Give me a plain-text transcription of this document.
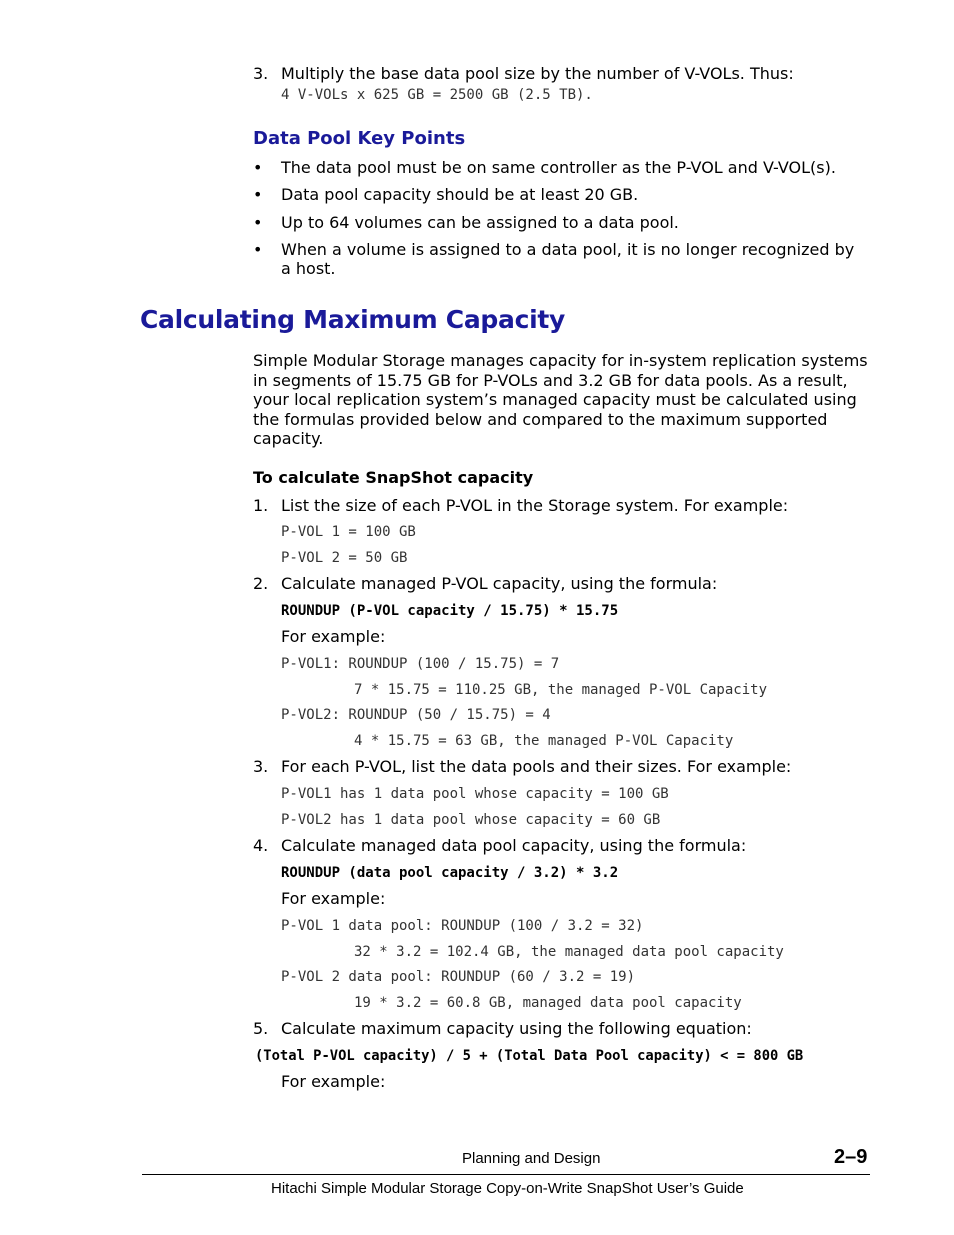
3. Multiply the base data pool size by the number of V-VOLs. Thus:
4 V-VOLs x 625 GB = 2500 GB (2.5 TB).
Data Pool Key Points
• The data pool must be on same controller as the P-VOL and V-VOL(s).
• Data pool capacity should be at least 20 GB.
• Up to 64 volumes can be assigned to a data pool.
• When a volume is assigned to a data pool, it is no longer recognized by
a host.
Calculating Maximum Capacity
Simple Modular Storage manages capacity for in-system replication systems in segments of 15.75 GB for P-VOLs and 3.2 GB for data pools. As a result, your local replication system’s managed capacity must be calculated using the formulas provided below and compared to the maximum supported capacity.
To calculate SnapShot capacity
1. List the size of each P-VOL in the Storage system. For example:
P-VOL 1 = 100 GB
P-VOL 2 = 50 GB
2. Calculate managed P-VOL capacity, using the formula:
ROUNDUP (P-VOL capacity / 15.75) * 15.75
For example:
P-VOL1: ROUNDUP (100 / 15.75) = 7
7 * 15.75 = 110.25 GB, the managed P-VOL Capacity
P-VOL2: ROUNDUP (50 / 15.75) = 4
4 * 15.75 = 63 GB, the managed P-VOL Capacity
3. For each P-VOL, list the data pools and their sizes. For example:
P-VOL1 has 1 data pool whose capacity = 100 GB
P-VOL2 has 1 data pool whose capacity = 60 GB
4. Calculate managed data pool capacity, using the formula:
ROUNDUP (data pool capacity / 3.2) * 3.2
For example:
P-VOL 1 data pool: ROUNDUP (100 / 3.2 = 32)
32 * 3.2 = 102.4 GB, the managed data pool capacity
P-VOL 2 data pool: ROUNDUP (60 / 3.2 = 19)
19 * 3.2 = 60.8 GB, managed data pool capacity
5. Calculate maximum capacity using the following equation:
(Total P-VOL capacity) / 5 + (Total Data Pool capacity) < = 800 GB
For example:
Planning and Design	2–9
Hitachi Simple Modular Storage Copy-on-Write SnapShot User’s Guide
